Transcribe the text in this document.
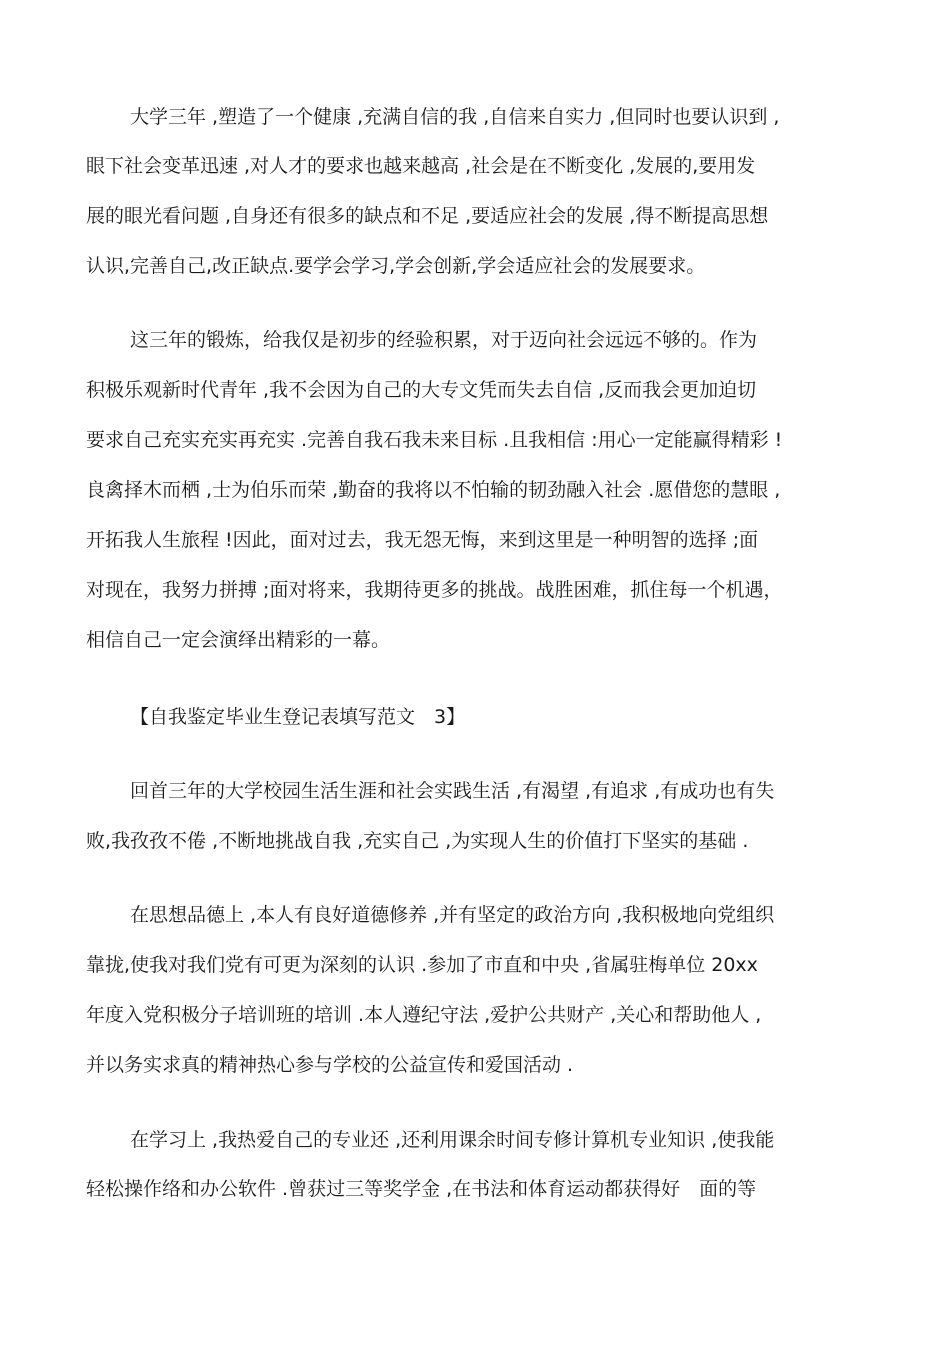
大学三年 ,塑造了一个健康 ,充满自信的我 ,自信来自实力 ,但同时也要认识到 ,
眼下社会变革迅速 ,对人才的要求也越来越高 ,社会是在不断变化 ,发展的,要用发
展的眼光看问题 ,自身还有很多的缺点和不足 ,要适应社会的发展 ,得不断提高思想
认识,完善自己,改正缺点.要学会学习,学会创新,学会适应社会的发展要求。
这三年的锻炼，给我仅是初步的经验积累，对于迈向社会远远不够的。作为
积极乐观新时代青年 ,我不会因为自己的大专文凭而失去自信 ,反而我会更加迫切
要求自己充实充实再充实 .完善自我石我未来目标 .且我相信 :用心一定能赢得精彩 !
良禽择木而栖 ,士为伯乐而荣 ,勤奋的我将以不怕输的韧劲融入社会 .愿借您的慧眼 ,
开拓我人生旅程 !因此，面对过去，我无怨无悔，来到这里是一种明智的选择 ;面
对现在，我努力拼搏 ;面对将来，我期待更多的挑战。战胜困难，抓住每一个机遇，
相信自己一定会演绎出精彩的一幕。
【自我鉴定毕业生登记表填写范文　3】
回首三年的大学校园生活生涯和社会实践生活 ,有渴望 ,有追求 ,有成功也有失
败,我孜孜不倦 ,不断地挑战自我 ,充实自己 ,为实现人生的价值打下坚实的基础 .
在思想品德上 ,本人有良好道德修养 ,并有坚定的政治方向 ,我积极地向党组织
靠拢,使我对我们党有可更为深刻的认识 .参加了市直和中央 ,省属驻梅单位 20xx
年度入党积极分子培训班的培训 .本人遵纪守法 ,爱护公共财产 ,关心和帮助他人 ,
并以务实求真的精神热心参与学校的公益宣传和爱国活动 .
在学习上 ,我热爱自己的专业还 ,还利用课余时间专修计算机专业知识 ,使我能
轻松操作络和办公软件 .曾获过三等奖学金 ,在书法和体育运动都获得好　面的等
